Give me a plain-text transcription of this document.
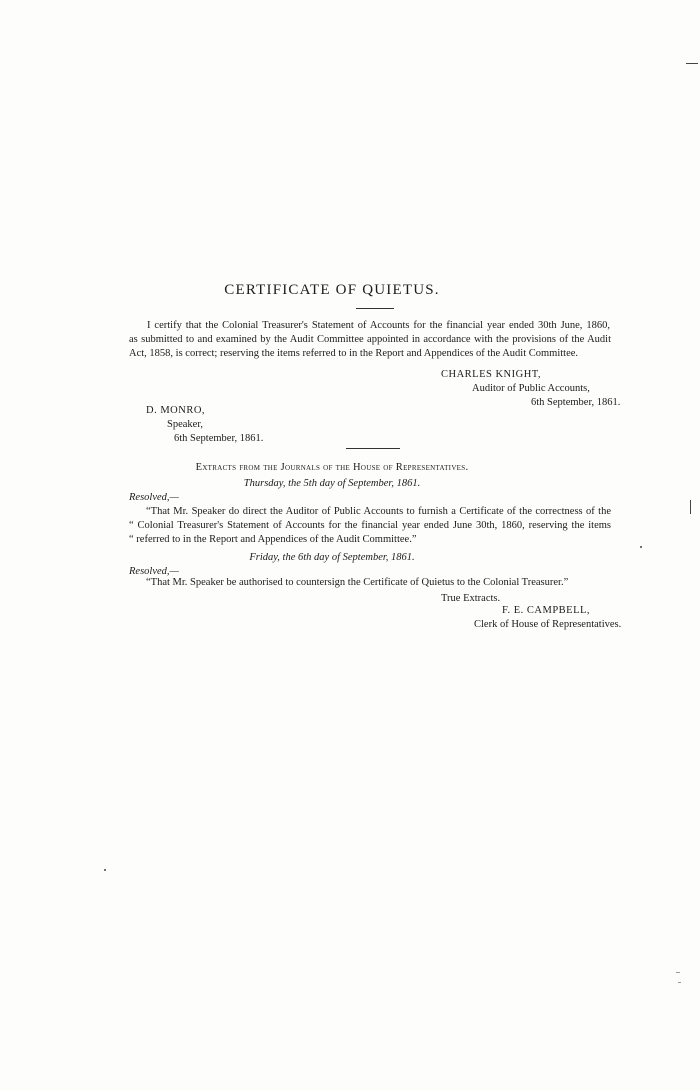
CERTIFICATE OF QUIETUS.
I certify that the Colonial Treasurer's Statement of Accounts for the financial year ended 30th June, 1860,
as submitted to and examined by the Audit Committee appointed in accordance with the provisions of the Audit
Act, 1858, is correct; reserving the items referred to in the Report and Appendices of the Audit Committee.
CHARLES KNIGHT,
Auditor of Public Accounts,
6th September, 1861.
D. MONRO,
Speaker,
6th September, 1861.
Extracts from the Journals of the House of Representatives.
Thursday, the 5th day of September, 1861.
Resolved,—
“That Mr. Speaker do direct the Auditor of Public Accounts to furnish a Certificate of the correctness of the
“ Colonial Treasurer's Statement of Accounts for the financial year ended June 30th, 1860, reserving the items
“ referred to in the Report and Appendices of the Audit Committee.”
Friday, the 6th day of September, 1861.
Resolved,—
“That Mr. Speaker be authorised to countersign the Certificate of Quietus to the Colonial Treasurer.”
True Extracts.
F. E. CAMPBELL,
Clerk of House of Representatives.
